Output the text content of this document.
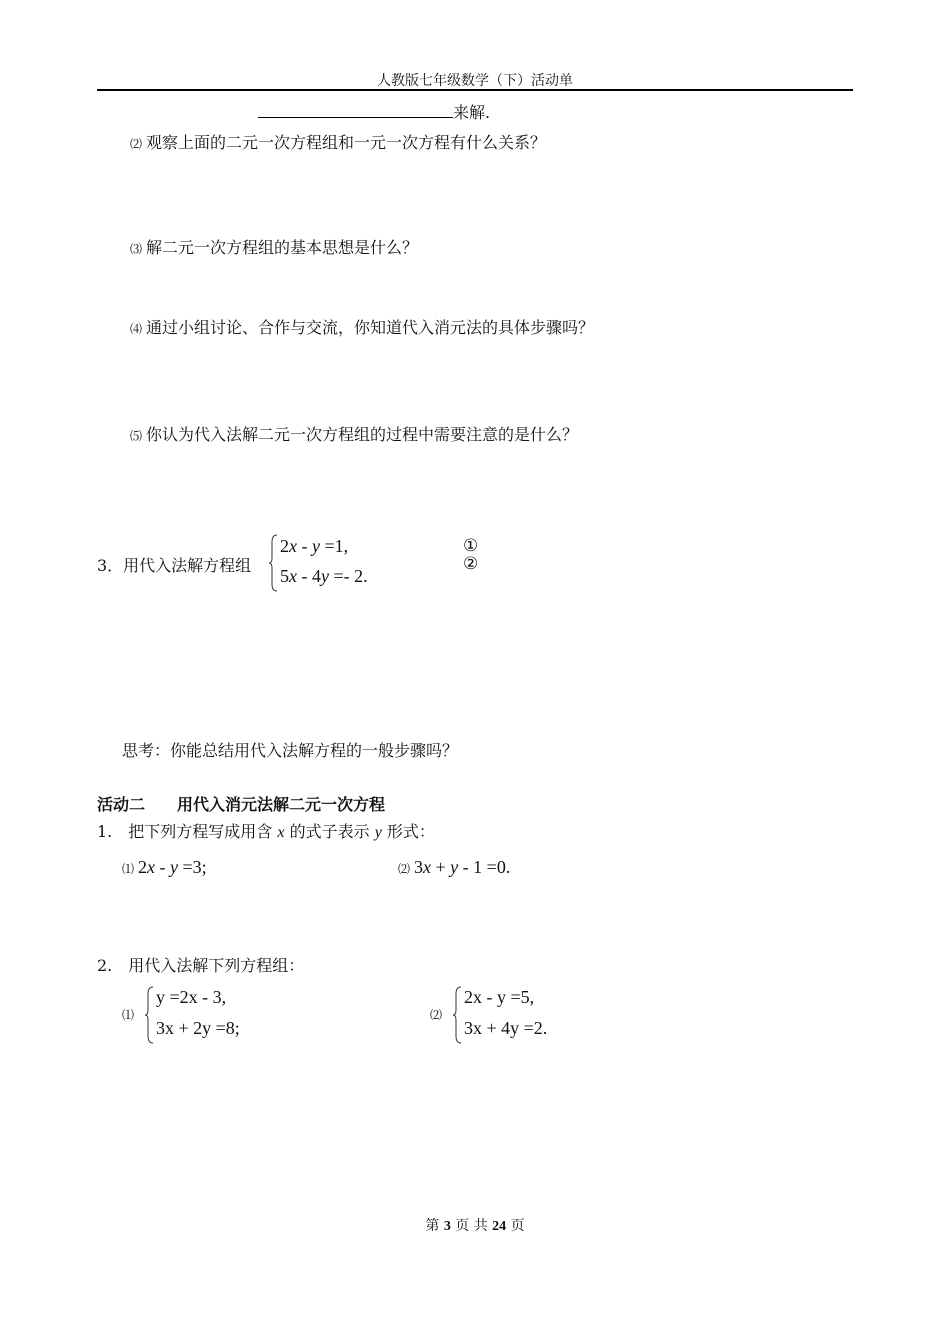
人教版七年级数学（下）活动单
来解.
⑵ 观察上面的二元一次方程组和一元一次方程有什么关系？
⑶ 解二元一次方程组的基本思想是什么？
⑷ 通过小组讨论、合作与交流，你知道代入消元法的具体步骤吗？
⑸ 你认为代入法解二元一次方程组的过程中需要注意的是什么？
3．用代入法解方程组
2x - y =1,
5x - 4y =- 2.
①
②
思考：你能总结用代入法解方程的一般步骤吗？
活动二　　用代入消元法解二元一次方程
1.　把下列方程写成用含 x 的式子表示 y 形式：
⑴ 2x - y =3;	⑵ 3x + y - 1 =0.
2.　用代入法解下列方程组：
⑴
y =2x - 3,
3x + 2y =8;
⑵
2x - y =5,
3x + 4y =2.
第 3 页 共 24 页
